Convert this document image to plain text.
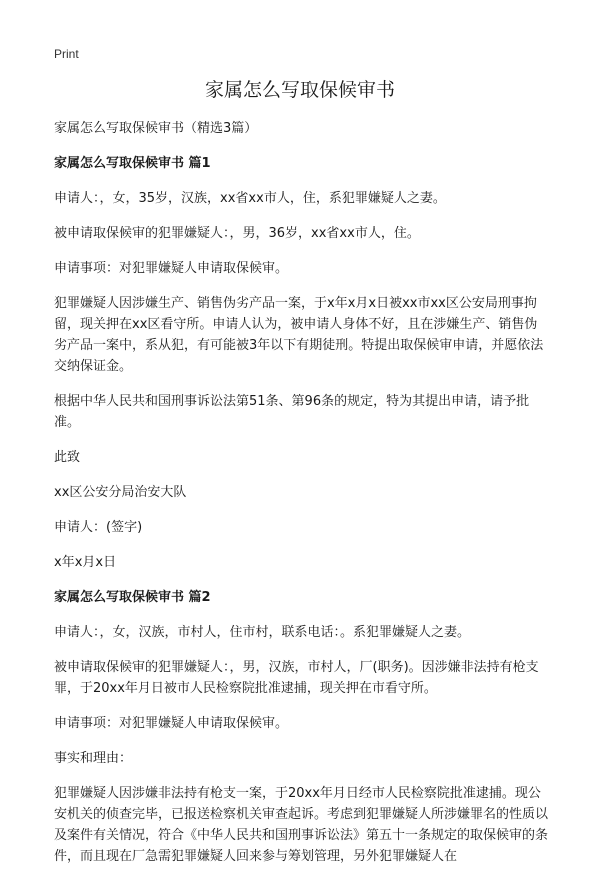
Print
家属怎么写取保候审书

家属怎么写取保候审书（精选3篇）

家属怎么写取保候审书 篇1

申请人：，女，35岁，汉族，xx省xx市人，住，系犯罪嫌疑人之妻。

被申请取保候审的犯罪嫌疑人：，男，36岁，xx省xx市人，住。

申请事项：对犯罪嫌疑人申请取保候审。

犯罪嫌疑人因涉嫌生产、销售伪劣产品一案，于x年x月x日被xx市xx区公安局刑事拘留，现关押在xx区看守所。申请人认为，被申请人身体不好，且在涉嫌生产、销售伪劣产品一案中，系从犯，有可能被3年以下有期徒刑。特提出取保候审申请，并愿依法交纳保证金。

根据中华人民共和国刑事诉讼法第51条、第96条的规定，特为其提出申请，请予批准。

此致

xx区公安分局治安大队

申请人：(签字)

x年x月x日

家属怎么写取保候审书 篇2

申请人：，女，汉族，市村人，住市村，联系电话：。系犯罪嫌疑人之妻。

被申请取保候审的犯罪嫌疑人：，男，汉族，市村人，厂(职务)。因涉嫌非法持有枪支罪，于20xx年月日被市人民检察院批准逮捕，现关押在市看守所。

申请事项：对犯罪嫌疑人申请取保候审。

事实和理由：

犯罪嫌疑人因涉嫌非法持有枪支一案，于20xx年月日经市人民检察院批准逮捕。现公安机关的侦查完毕，已报送检察机关审查起诉。考虑到犯罪嫌疑人所涉嫌罪名的性质以及案件有关情况，符合《中华人民共和国刑事诉讼法》第五十一条规定的取保候审的条件，而且现在厂急需犯罪嫌疑人回来参与筹划管理，另外犯罪嫌疑人在
